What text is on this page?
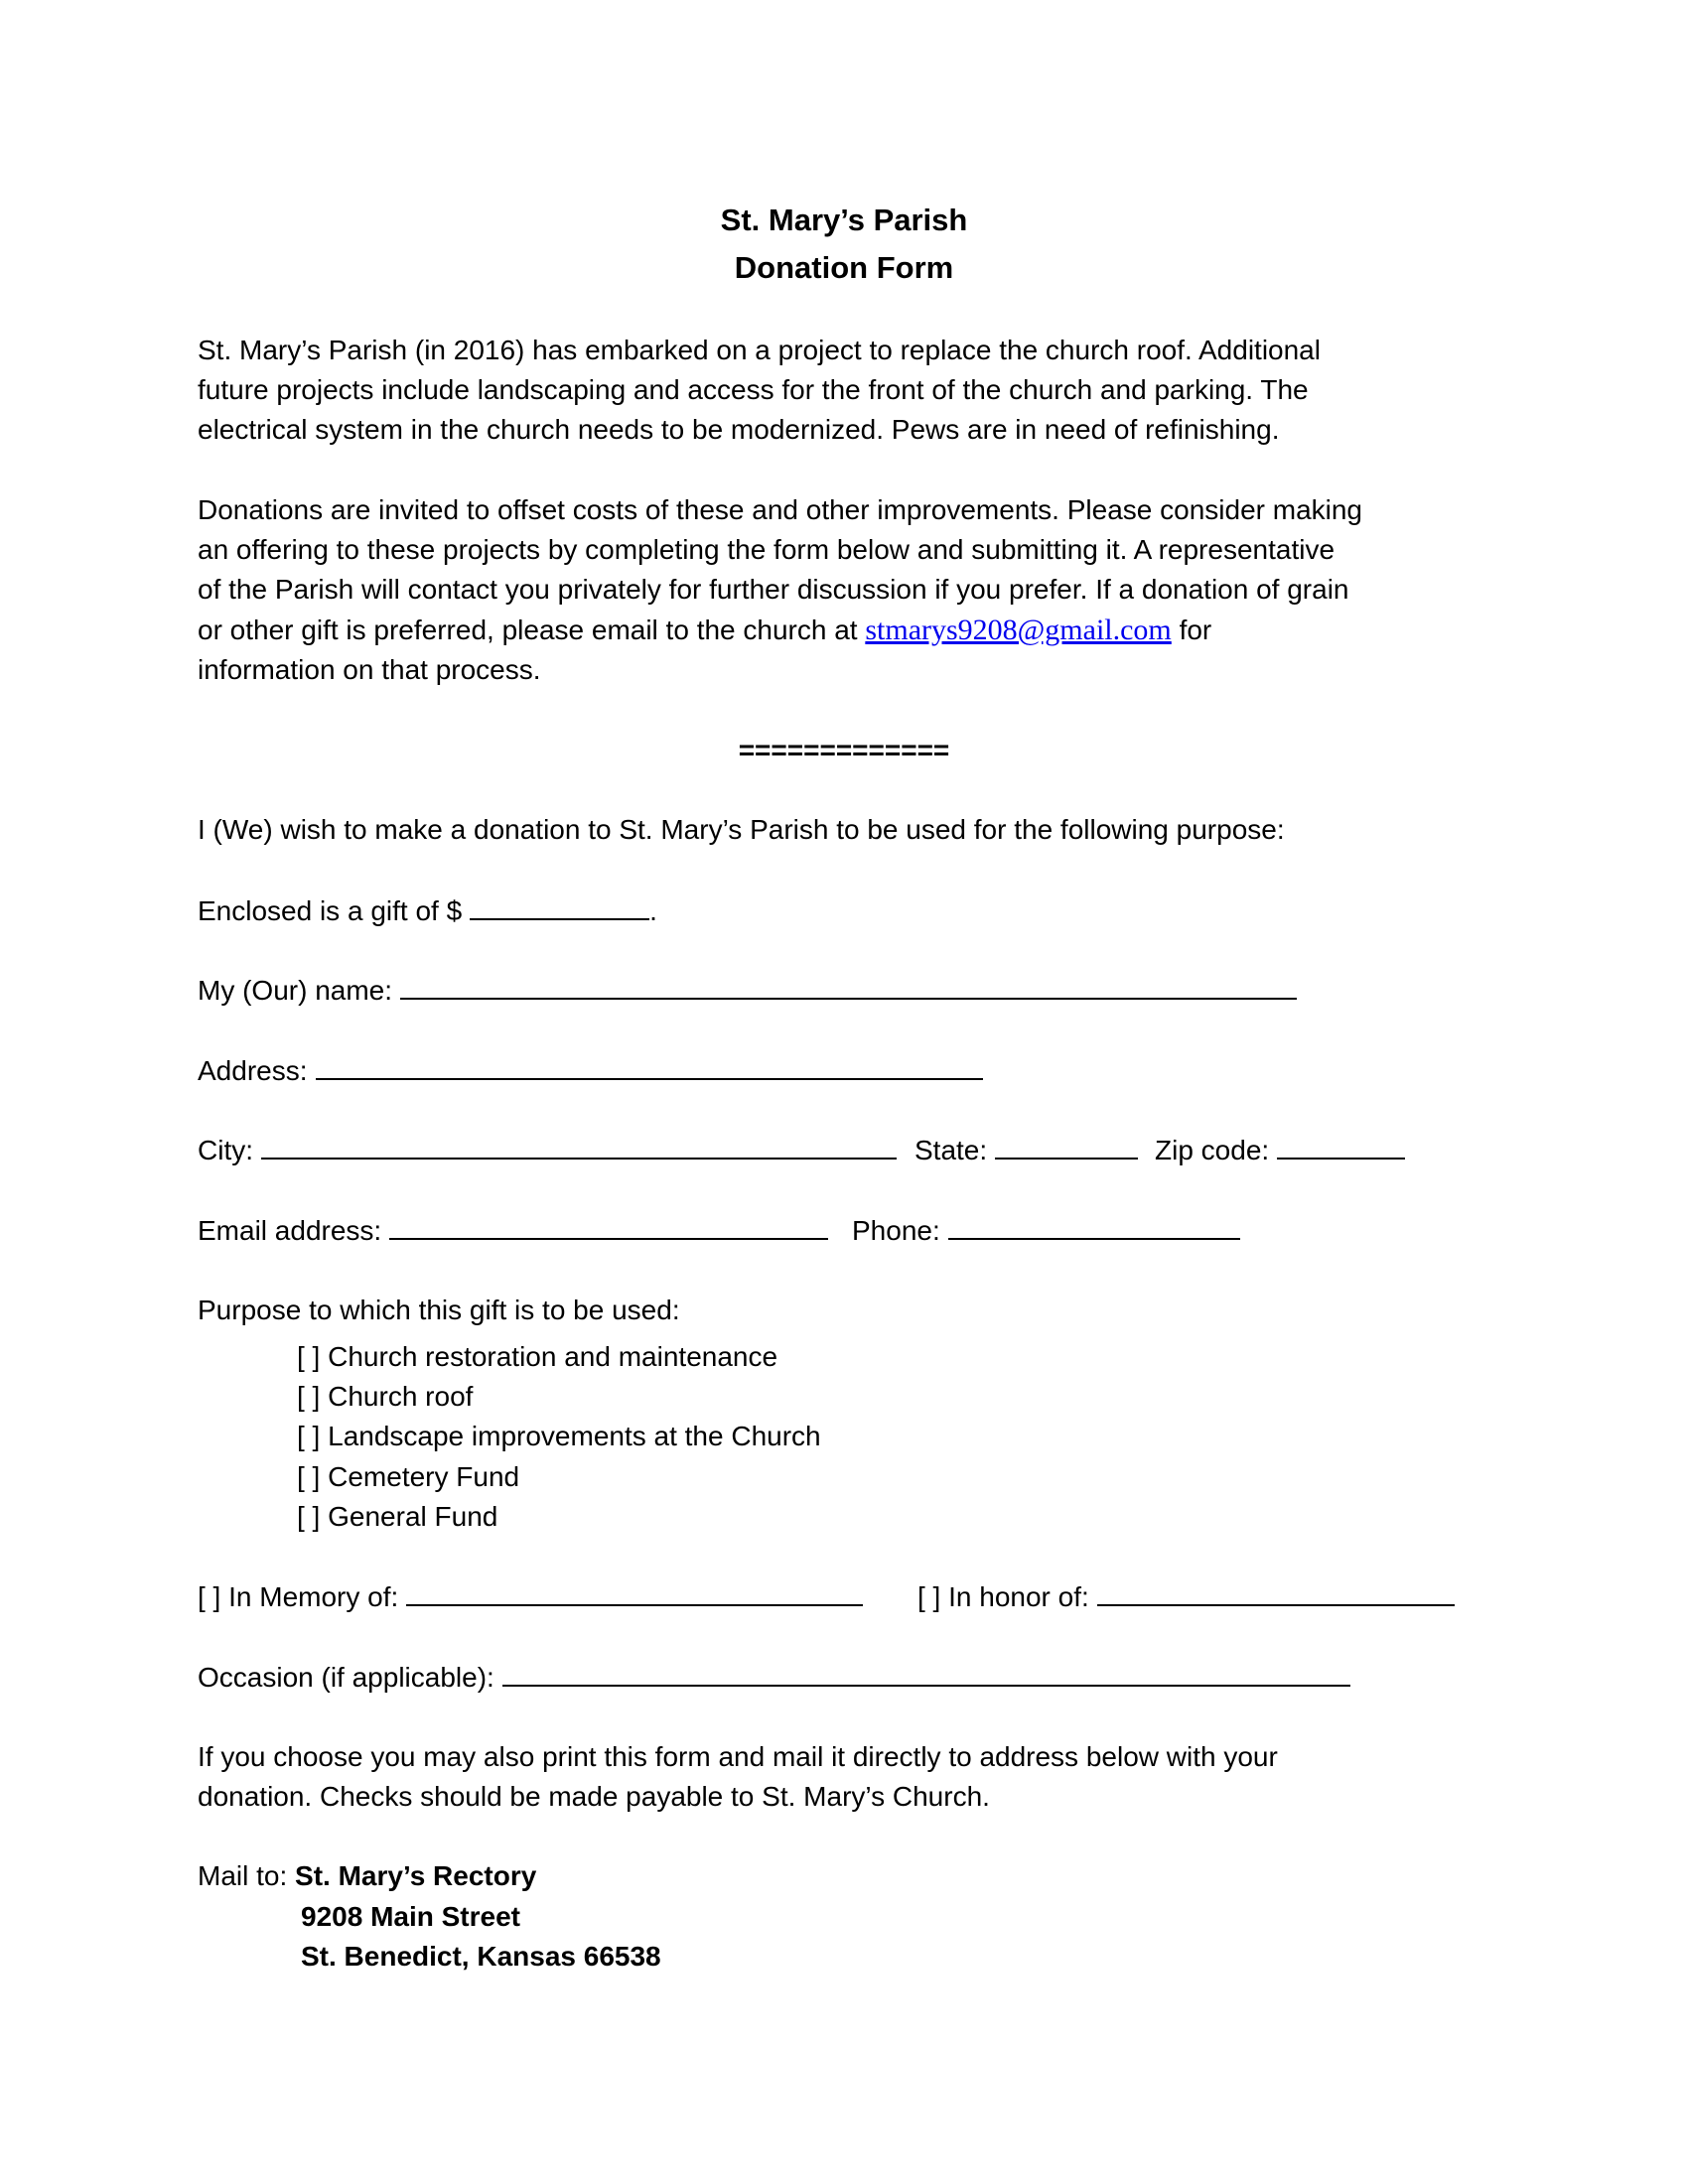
St. Mary’s Parish
Donation Form
St. Mary’s Parish (in 2016) has embarked on a project to replace the church roof. Additional
future projects include landscaping and access for the front of the church and parking. The
electrical system in the church needs to be modernized. Pews are in need of refinishing.
Donations are invited to offset costs of these and other improvements. Please consider making
an offering to these projects by completing the form below and submitting it. A representative
of the Parish will contact you privately for further discussion if you prefer. If a donation of grain
or other gift is preferred, please email to the church at stmarys9208@gmail.com for
information on that process.
=============
I (We) wish to make a donation to St. Mary’s Parish to be used for the following purpose:
Enclosed is a gift of $	.
My (Our) name:
Address:
City:	State:	Zip code:
Email address:	Phone:
Purpose to which this gift is to be used:
[ ] Church restoration and maintenance
[ ] Church roof
[ ] Landscape improvements at the Church
[ ] Cemetery Fund
[ ] General Fund
[ ] In Memory of:	[ ] In honor of:
Occasion (if applicable):
If you choose you may also print this form and mail it directly to address below with your
donation. Checks should be made payable to St. Mary’s Church.
Mail to: St. Mary’s Rectory
9208 Main Street
St. Benedict, Kansas 66538
